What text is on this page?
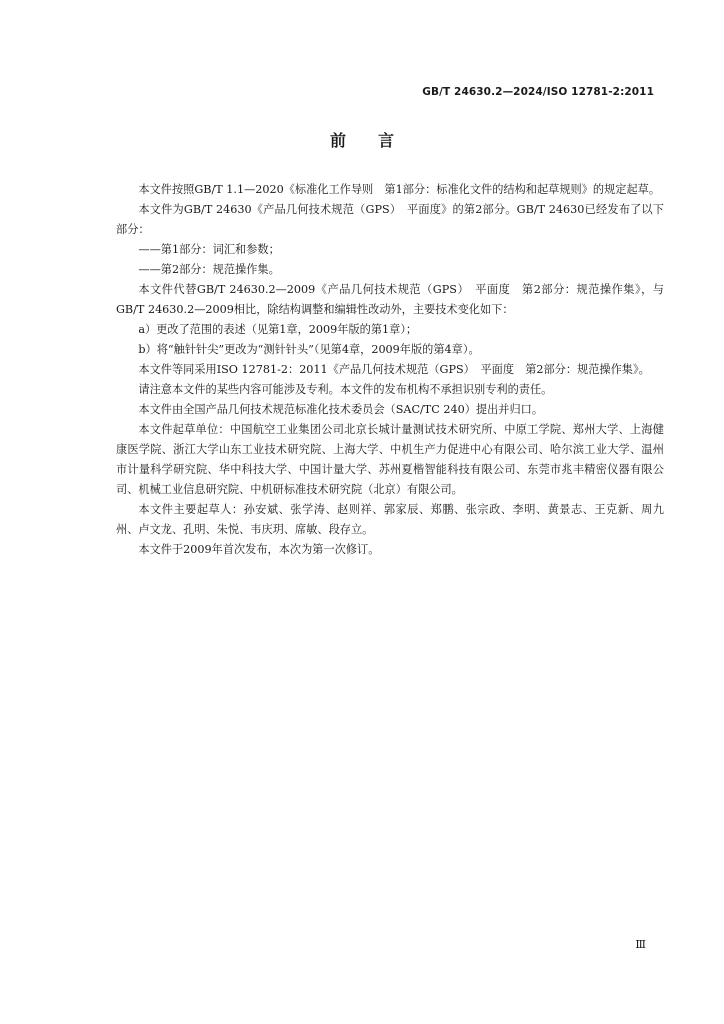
GB/T 24630.2—2024/ISO 12781-2:2011
前言

本文件按照GB/T 1.1—2020《标准化工作导则　第1部分：标准化文件的结构和起草规则》的规定起草。

本文件为GB/T 24630《产品几何技术规范（GPS）　平面度》的第2部分。GB/T 24630已经发布了以下部分：

——第1部分：词汇和参数；

——第2部分：规范操作集。

本文件代替GB/T 24630.2—2009《产品几何技术规范（GPS）　平面度　第2部分：规范操作集》，与GB/T 24630.2—2009相比，除结构调整和编辑性改动外，主要技术变化如下：

a）更改了范围的表述（见第1章，2009年版的第1章）；

b）将“触针针尖”更改为“测针针头”（见第4章，2009年版的第4章）。

本文件等同采用ISO 12781-2：2011《产品几何技术规范（GPS）　平面度　第2部分：规范操作集》。

请注意本文件的某些内容可能涉及专利。本文件的发布机构不承担识别专利的责任。

本文件由全国产品几何技术规范标准化技术委员会（SAC/TC 240）提出并归口。

本文件起草单位：中国航空工业集团公司北京长城计量测试技术研究所、中原工学院、郑州大学、上海健康医学院、浙江大学山东工业技术研究院、上海大学、中机生产力促进中心有限公司、哈尔滨工业大学、温州市计量科学研究院、华中科技大学、中国计量大学、苏州夏楷智能科技有限公司、东莞市兆丰精密仪器有限公司、机械工业信息研究院、中机研标准技术研究院（北京）有限公司。

本文件主要起草人：孙安斌、张学涛、赵则祥、郭家辰、郑鹏、张宗政、李明、黄景志、王克新、周九州、卢文龙、孔明、朱悦、韦庆玥、席敏、段存立。

本文件于2009年首次发布，本次为第一次修订。

Ⅲ
